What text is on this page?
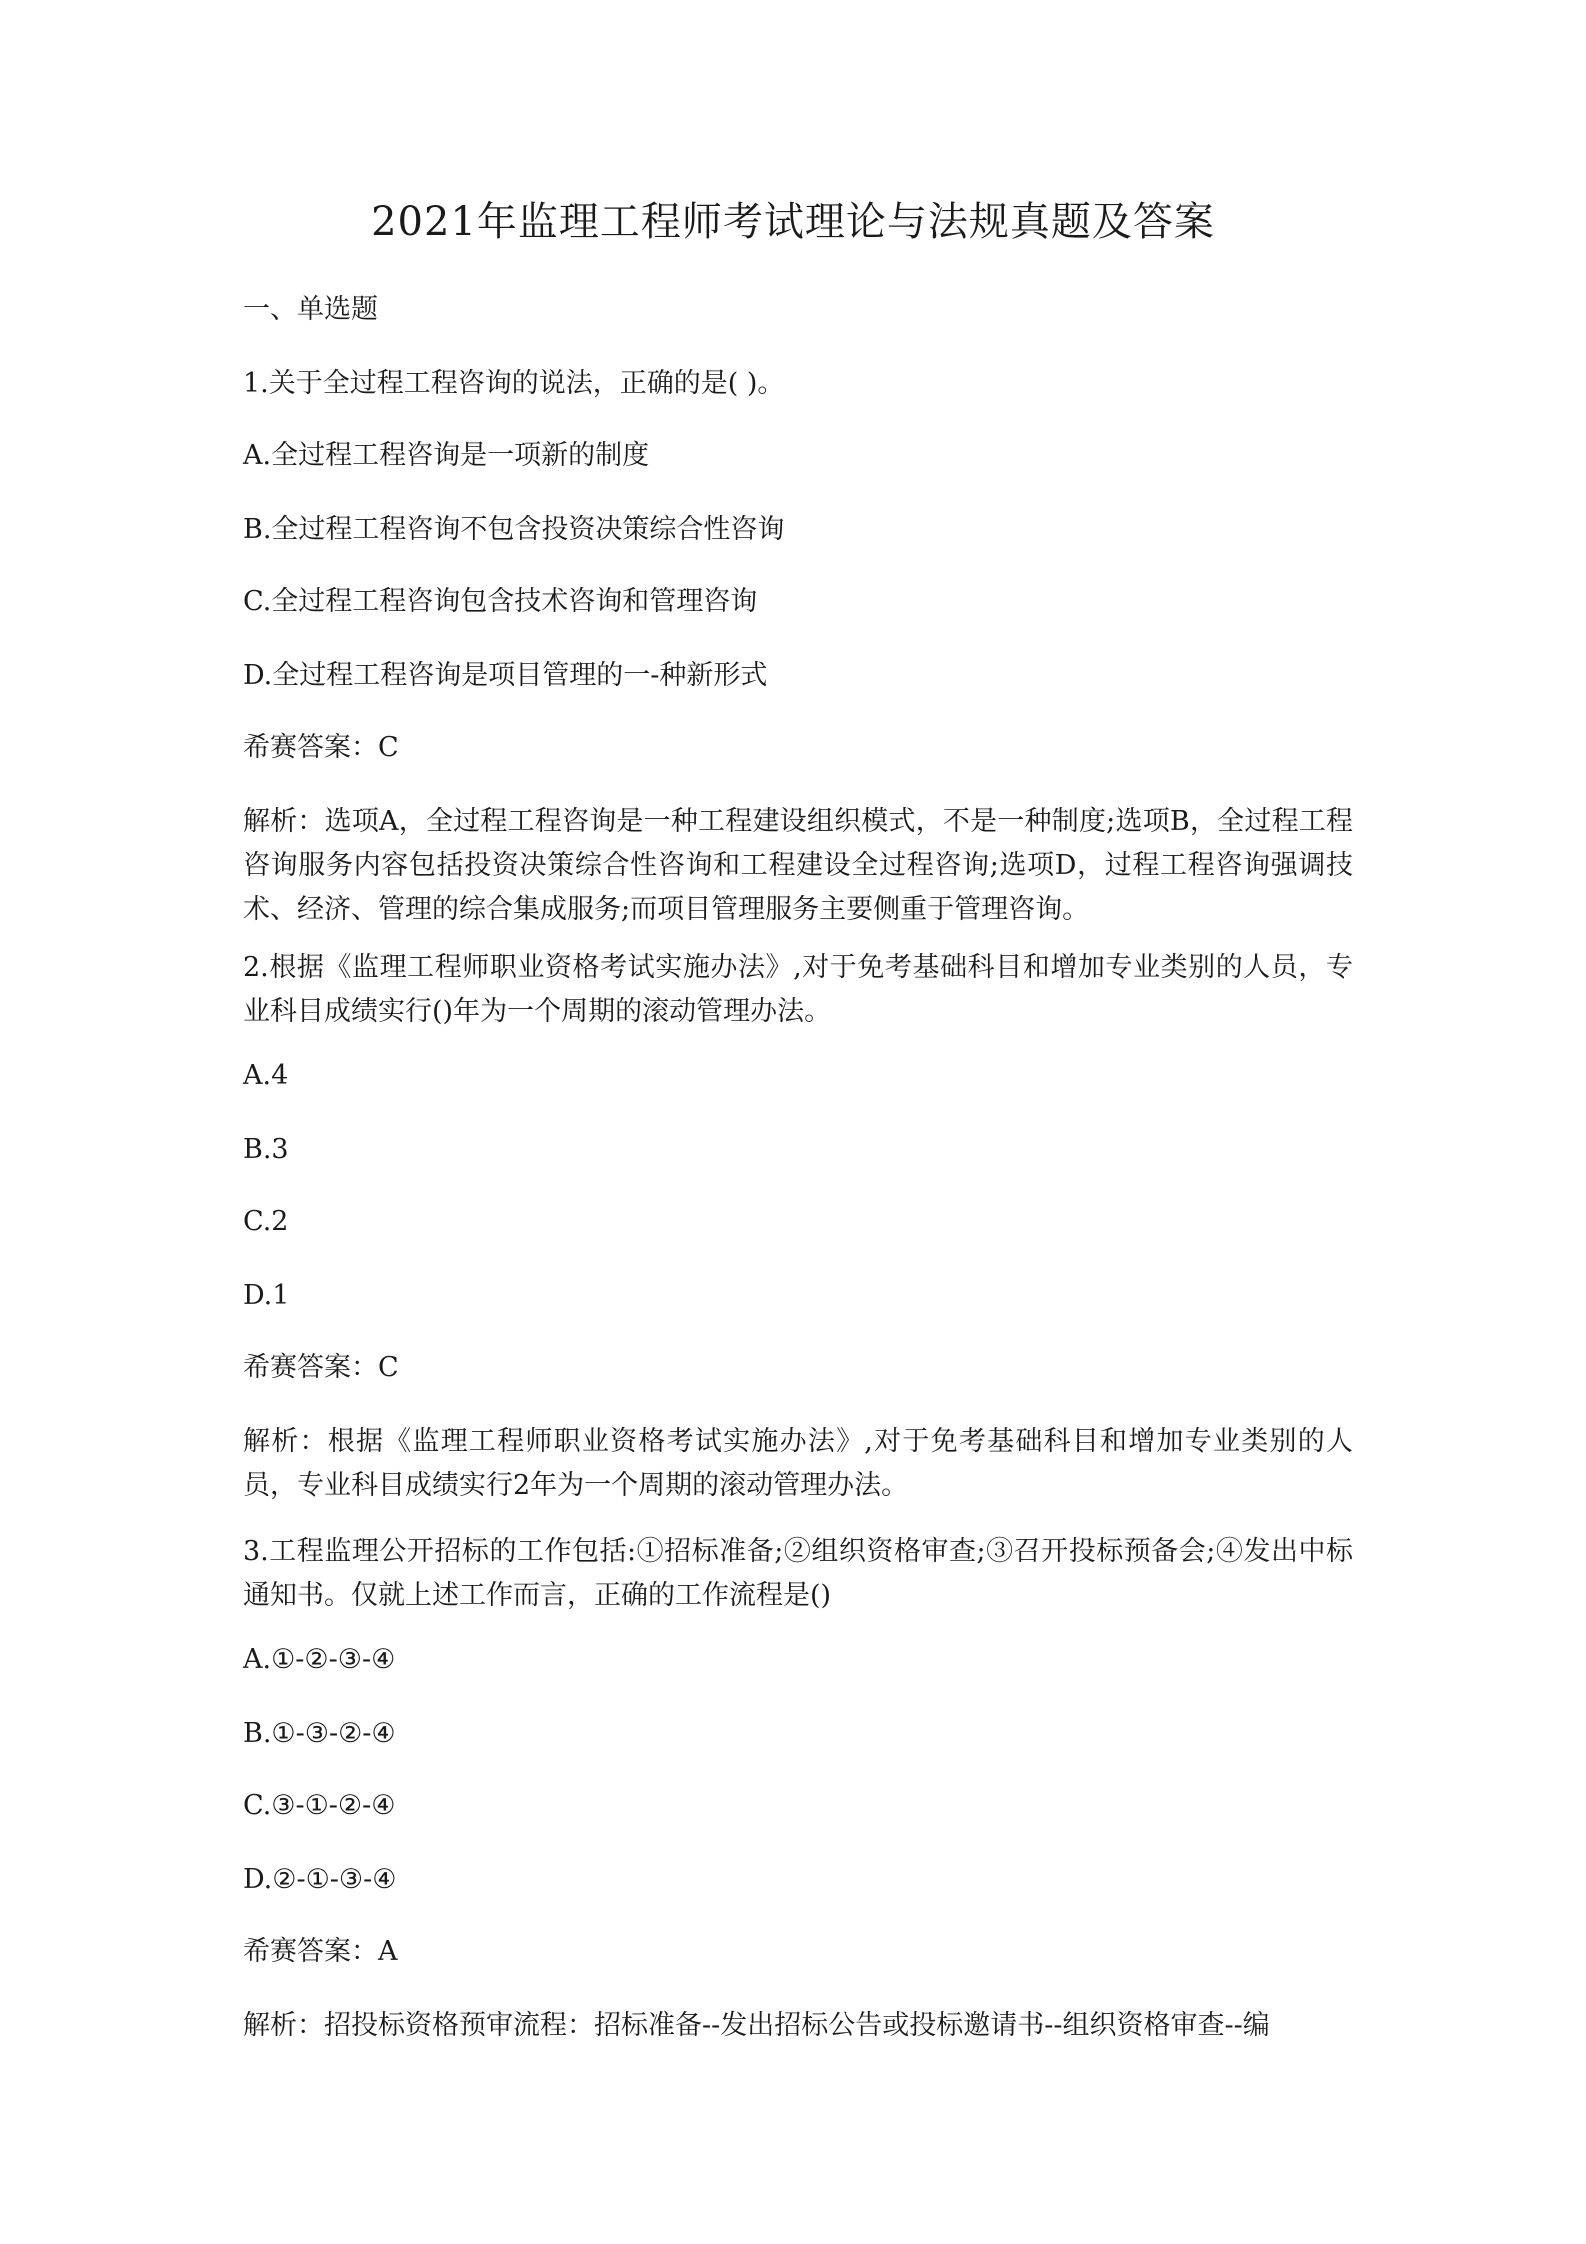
2021年监理工程师考试理论与法规真题及答案
一、单选题
1.关于全过程工程咨询的说法，正确的是( )。
A.全过程工程咨询是一项新的制度
B.全过程工程咨询不包含投资决策综合性咨询
C.全过程工程咨询包含技术咨询和管理咨询
D.全过程工程咨询是项目管理的一-种新形式
希赛答案：C
解析：选项A，全过程工程咨询是一种工程建设组织模式，不是一种制度;选项B，全过程工程咨询服务内容包括投资决策综合性咨询和工程建设全过程咨询;选项D，过程工程咨询强调技术、经济、管理的综合集成服务;而项目管理服务主要侧重于管理咨询。
2.根据《监理工程师职业资格考试实施办法》,对于免考基础科目和增加专业类别的人员，专业科目成绩实行()年为一个周期的滚动管理办法。
A.4
B.3
C.2
D.1
希赛答案：C
解析：根据《监理工程师职业资格考试实施办法》,对于免考基础科目和增加专业类别的人员，专业科目成绩实行2年为一个周期的滚动管理办法。
3.工程监理公开招标的工作包括:①招标准备;②组织资格审查;③召开投标预备会;④发出中标通知书。仅就上述工作而言，正确的工作流程是()
A.①-②-③-④
B.①-③-②-④
C.③-①-②-④
D.②-①-③-④
希赛答案：A
解析：招投标资格预审流程：招标准备--发出招标公告或投标邀请书--组织资格审查--编
